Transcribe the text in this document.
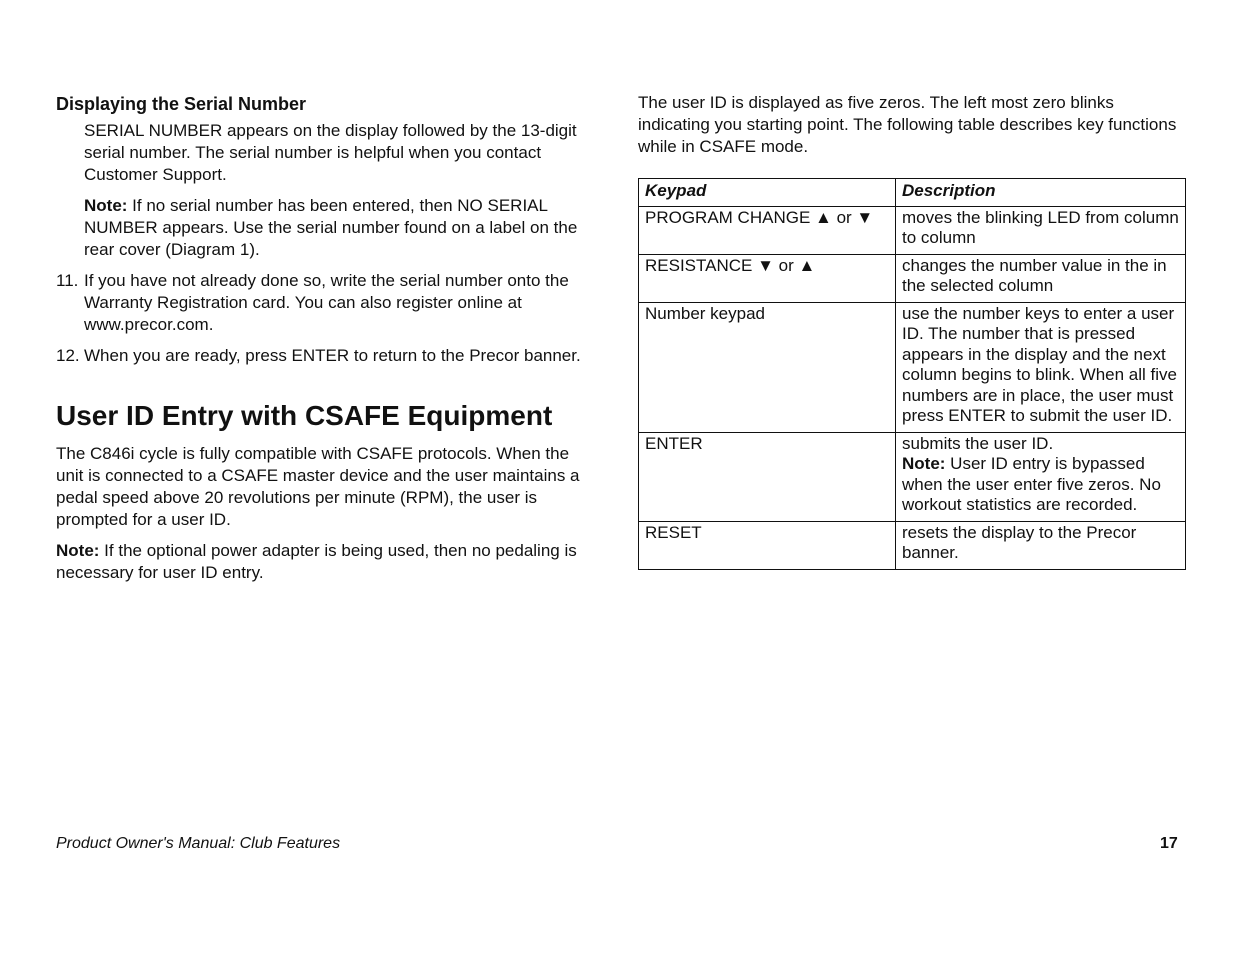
Displaying the Serial Number

SERIAL NUMBER appears on the display followed by the 13-digit serial number. The serial number is helpful when you contact Customer Support.

Note: If no serial number has been entered, then NO SERIAL NUMBER appears. Use the serial number found on a label on the rear cover (Diagram 1).

11. If you have not already done so, write the serial number onto the Warranty Registration card. You can also register online at www.precor.com.
12. When you are ready, press ENTER to return to the Precor banner.
User ID Entry with CSAFE Equipment

The C846i cycle is fully compatible with CSAFE protocols. When the unit is connected to a CSAFE master device and the user maintains a pedal speed above 20 revolutions per minute (RPM), the user is prompted for a user ID.

Note: If the optional power adapter is being used, then no pedaling is necessary for user ID entry.

The user ID is displayed as five zeros. The left most zero blinks indicating you starting point. The following table describes key functions while in CSAFE mode.

Keypad	Description
PROGRAM CHANGE ▲ or ▼	moves the blinking LED from column to column
RESISTANCE ▼ or ▲	changes the number value in the in the selected column
Number keypad	use the number keys to enter a user ID. The number that is pressed appears in the display and the next column begins to blink. When all five numbers are in place, the user must press ENTER to submit the user ID.
ENTER	submits the user ID.
Note: User ID entry is bypassed when the user enter five zeros. No workout statistics are recorded.

RESET	resets the display to the Precor banner.
Product Owner's Manual: Club Features	17
